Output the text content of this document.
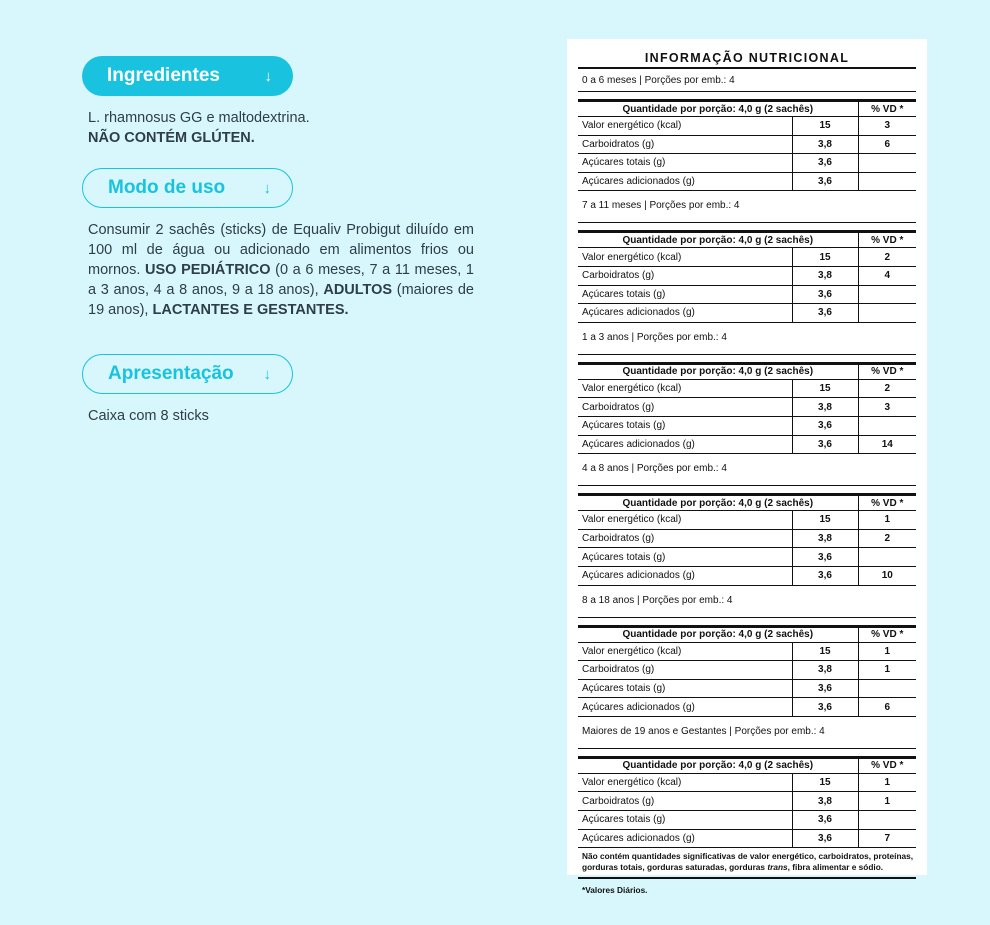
Ingredientes	↓
L. rhamnosus GG e maltodextrina.
NÃO CONTÉM GLÚTEN.
Modo de uso	↓
Consumir 2 sachês (sticks) de Equaliv Probigut diluído em 100 ml de água ou adicionado em alimentos frios ou mornos. USO PEDIÁTRICO (0 a 6 meses, 7 a 11 meses, 1 a 3 anos, 4 a 8 anos, 9 a 18 anos), ADULTOS (maiores de 19 anos), LACTANTES E GESTANTES.
Apresentação ↓
Caixa com 8 sticks
INFORMAÇÃO NUTRICIONAL
0 a 6 meses | Porções por emb.: 4
Quantidade por porção: 4,0 g (2 sachês)		% VD *
Valor energético (kcal)	15	3
Carboidratos (g)	3,8	6
Açúcares totais (g)	3,6	
Açúcares adicionados (g)	3,6	
7 a 11 meses | Porções por emb.: 4
Quantidade por porção: 4,0 g (2 sachês)		% VD *
Valor energético (kcal)	15	2
Carboidratos (g)	3,8	4
Açúcares totais (g)	3,6	
Açúcares adicionados (g)	3,6	
1 a 3 anos | Porções por emb.: 4
Quantidade por porção: 4,0 g (2 sachês)		% VD *
Valor energético (kcal)	15	2
Carboidratos (g)	3,8	3
Açúcares totais (g)	3,6	
Açúcares adicionados (g)	3,6	14
4 a 8 anos | Porções por emb.: 4
Quantidade por porção: 4,0 g (2 sachês)		% VD *
Valor energético (kcal)	15	1
Carboidratos (g)	3,8	2
Açúcares totais (g)	3,6	
Açúcares adicionados (g)	3,6	10
8 a 18 anos | Porções por emb.: 4
Quantidade por porção: 4,0 g (2 sachês)		% VD *
Valor energético (kcal)	15	1
Carboidratos (g)	3,8	1
Açúcares totais (g)	3,6	
Açúcares adicionados (g)	3,6	6
Maiores de 19 anos e Gestantes | Porções por emb.: 4
Quantidade por porção: 4,0 g (2 sachês)		% VD *
Valor energético (kcal)	15	1
Carboidratos (g)	3,8	1
Açúcares totais (g)	3,6	
Açúcares adicionados (g)	3,6	7
Não contém quantidades significativas de valor energético, carboidratos, proteínas, gorduras totais, gorduras saturadas, gorduras trans, fibra alimentar e sódio.
*Valores Diários.
